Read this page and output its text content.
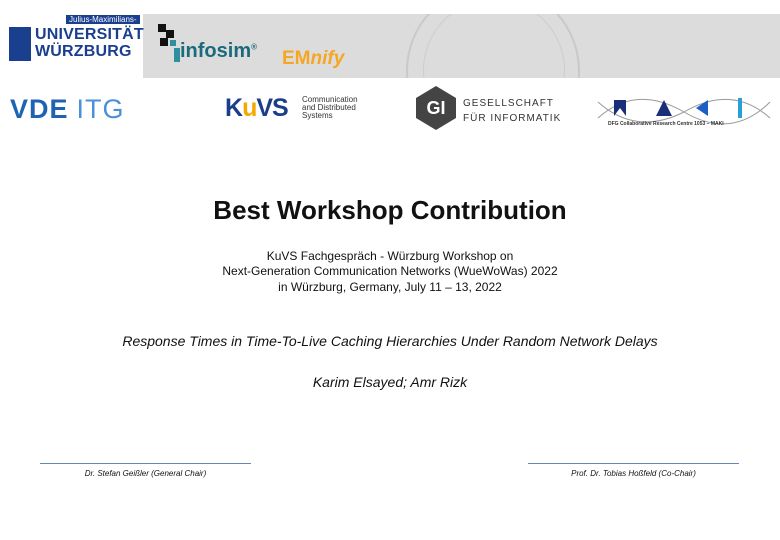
Julius-Maximilians-
UNIVERSITÄT
WÜRZBURG infosim®
EMnify
VDE ITG	KuVS Communication and Distributed Systems	GI GESELLSCHAFT
FÜR INFORMATIK	DFG Collaborative Research Centre 1053 – MAKI
Best Workshop Contribution
KuVS Fachgespräch - Würzburg Workshop on
Next-Generation Communication Networks (WueWoWas) 2022
in Würzburg, Germany, July 11 – 13, 2022
Response Times in Time-To-Live Caching Hierarchies Under Random Network Delays
Karim Elsayed; Amr Rizk
Dr. Stefan Geißler (General Chair)	Prof. Dr. Tobias Hoßfeld (Co-Chair)
